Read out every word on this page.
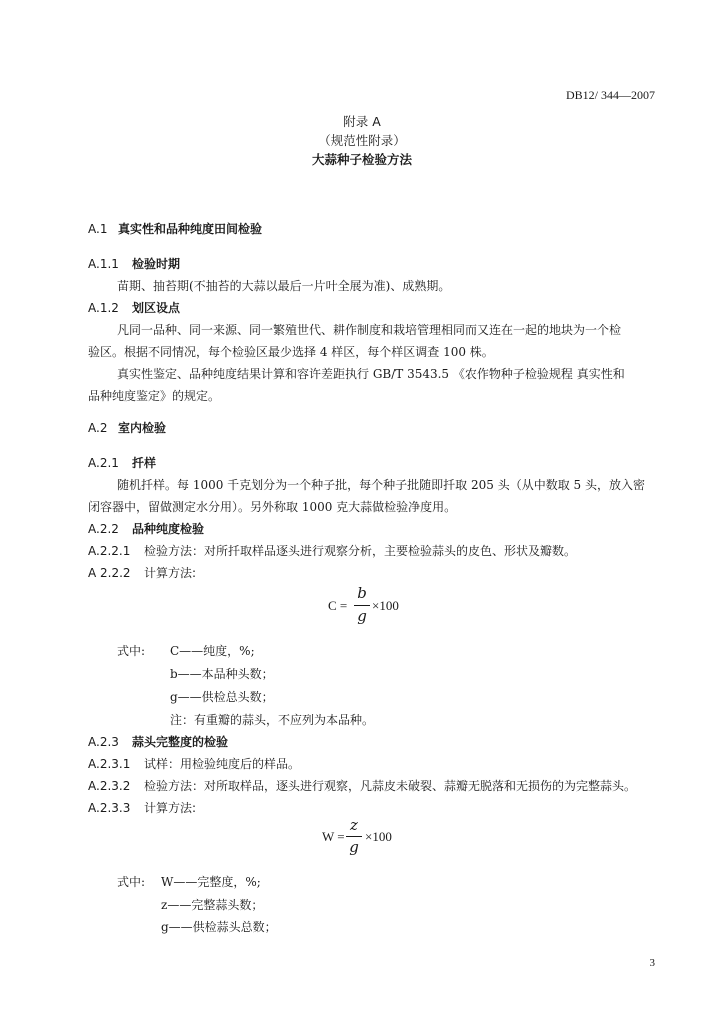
DB12/ 344—2007
附录 A
（规范性附录）
大蒜种子检验方法
A.1 真实性和品种纯度田间检验
A.1.1 检验时期
苗期、抽苔期(不抽苔的大蒜以最后一片叶全展为准)、成熟期。
A.1.2 划区设点
凡同一品种、同一来源、同一繁殖世代、耕作制度和栽培管理相同而又连在一起的地块为一个检
验区。根据不同情况，每个检验区最少选择 4 样区，每个样区调查 100 株。
真实性鉴定、品种纯度结果计算和容许差距执行 GB/T 3543.5 《农作物种子检验规程 真实性和
品种纯度鉴定》的规定。
A.2 室内检验
A.2.1 扦样
随机扦样。每 1000 千克划分为一个种子批，每个种子批随即扦取 205 头（从中数取 5 头，放入密
闭容器中，留做测定水分用）。另外称取 1000 克大蒜做检验净度用。
A.2.2 品种纯度检验
A.2.2.1 检验方法：对所扦取样品逐头进行观察分析，主要检验蒜头的皮色、形状及瓣数。
A 2.2.2 计算方法:
C =
b
g
×100
式中: C——纯度，%;
b——本品种头数；
g——供检总头数；
注：有重瓣的蒜头，不应列为本品种。
A.2.3 蒜头完整度的检验
A.2.3.1 试样：用检验纯度后的样品。
A.2.3.2 检验方法：对所取样品，逐头进行观察，凡蒜皮未破裂、蒜瓣无脱落和无损伤的为完整蒜头。
A.2.3.3 计算方法:
W =
z
g
×100
式中: W——完整度，%;
z——完整蒜头数；
g——供检蒜头总数；
3
